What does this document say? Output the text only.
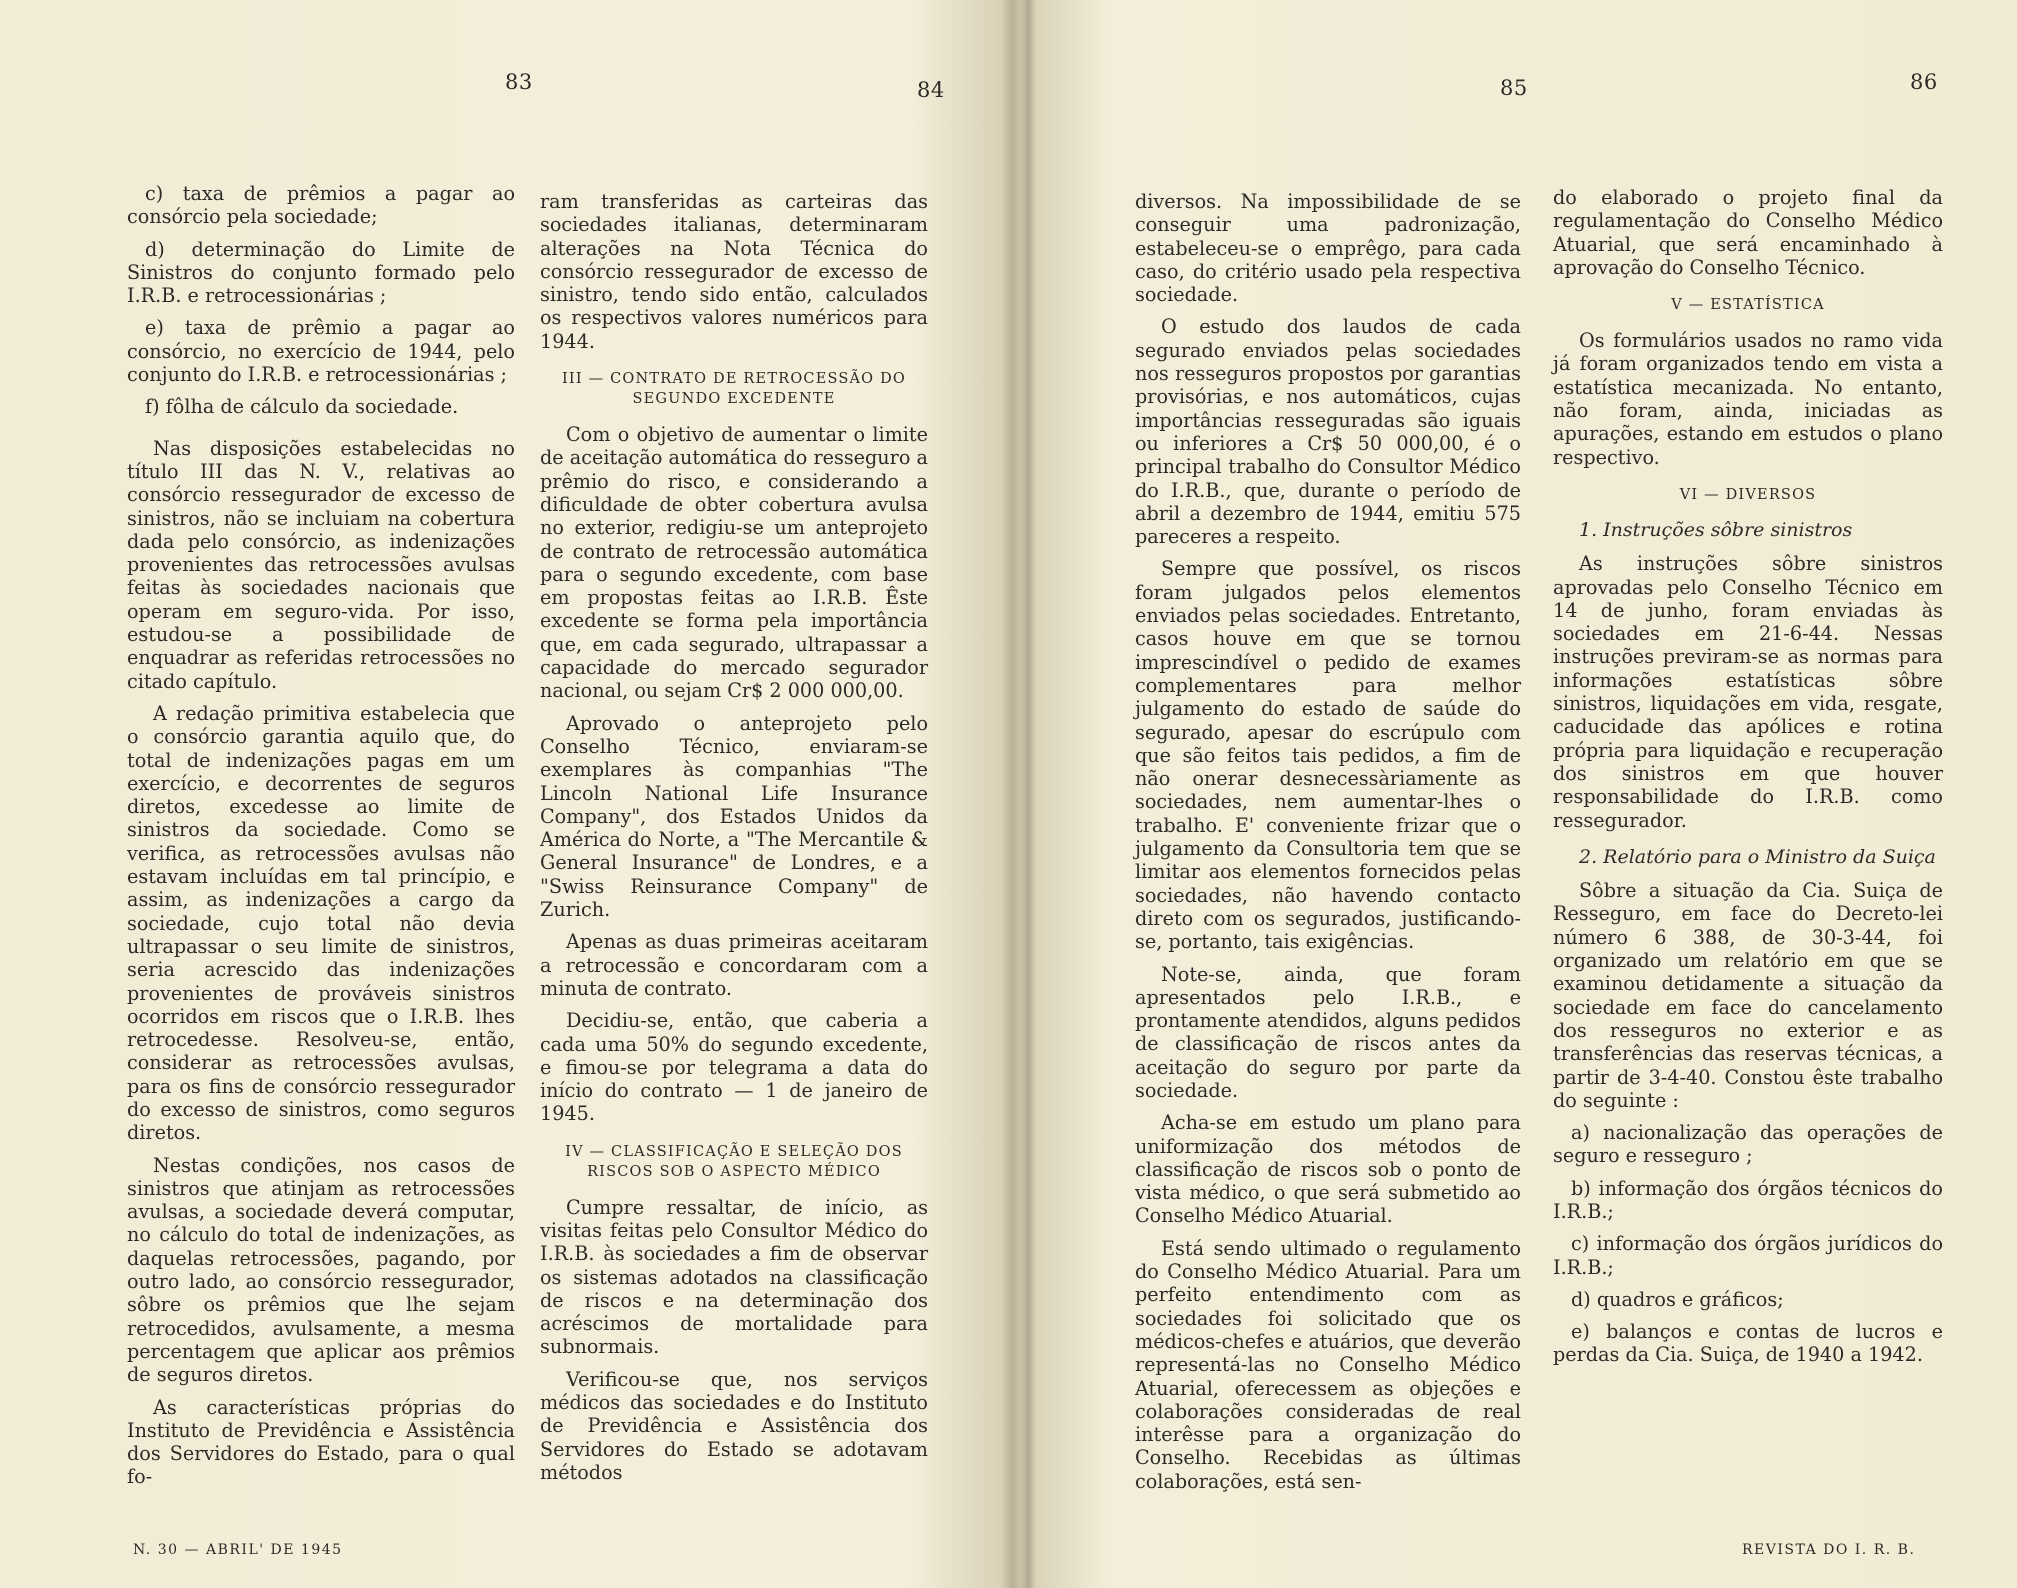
83	84	85	86

c) taxa de prêmios a pagar ao consórcio pela sociedade;

d) determinação do Limite de Sinistros do conjunto formado pelo I.R.B. e retrocessionárias ;

e) taxa de prêmio a pagar ao consórcio, no exercício de 1944, pelo conjunto do I.R.B. e retrocessionárias ;

f) fôlha de cálculo da sociedade.

Nas disposições estabelecidas no título III das N. V., relativas ao consórcio ressegurador de excesso de sinistros, não se incluiam na cobertura dada pelo consórcio, as indenizações provenientes das retrocessões avulsas feitas às sociedades nacionais que operam em seguro-vida. Por isso, estudou-se a possibilidade de enquadrar as referidas retrocessões no citado capítulo.

A redação primitiva estabelecia que o consórcio garantia aquilo que, do total de indenizações pagas em um exercício, e decorrentes de seguros diretos, excedesse ao limite de sinistros da sociedade. Como se verifica, as retrocessões avulsas não estavam incluídas em tal princípio, e assim, as indenizações a cargo da sociedade, cujo total não devia ultrapassar o seu limite de sinistros, seria acrescido das indenizações provenientes de prováveis sinistros ocorridos em riscos que o I.R.B. lhes retrocedesse. Resolveu-se, então, considerar as retrocessões avulsas, para os fins de consórcio ressegurador do excesso de sinistros, como seguros diretos.

Nestas condições, nos casos de sinistros que atinjam as retrocessões avulsas, a sociedade deverá computar, no cálculo do total de indenizações, as daquelas retrocessões, pagando, por outro lado, ao consórcio ressegurador, sôbre os prêmios que lhe sejam retrocedidos, avulsamente, a mesma percentagem que aplicar aos prêmios de seguros diretos.

As características próprias do Instituto de Previdência e Assistência dos Servidores do Estado, para o qual fo-

ram transferidas as carteiras das sociedades italianas, determinaram alterações na Nota Técnica do consórcio ressegurador de excesso de sinistro, tendo sido então, calculados os respectivos valores numéricos para 1944.

III — CONTRATO DE RETROCESSÃO DO SEGUNDO EXCEDENTE

Com o objetivo de aumentar o limite de aceitação automática do resseguro a prêmio do risco, e considerando a dificuldade de obter cobertura avulsa no exterior, redigiu-se um anteprojeto de contrato de retrocessão automática para o segundo excedente, com base em propostas feitas ao I.R.B. Êste excedente se forma pela importância que, em cada segurado, ultrapassar a capacidade do mercado segurador nacional, ou sejam Cr$ 2 000 000,00.

Aprovado o anteprojeto pelo Conselho Técnico, enviaram-se exemplares às companhias "The Lincoln National Life Insurance Company", dos Estados Unidos da América do Norte, a "The Mercantile & General Insurance" de Londres, e a "Swiss Reinsurance Company" de Zurich.

Apenas as duas primeiras aceitaram a retrocessão e concordaram com a minuta de contrato.

Decidiu-se, então, que caberia a cada uma 50% do segundo excedente, e fimou-se por telegrama a data do início do contrato — 1 de janeiro de 1945.

IV — CLASSIFICAÇÃO E SELEÇÃO DOS RISCOS SOB O ASPECTO MÉDICO

Cumpre ressaltar, de início, as visitas feitas pelo Consultor Médico do I.R.B. às sociedades a fim de observar os sistemas adotados na classificação de riscos e na determinação dos acréscimos de mortalidade para subnormais.

Verificou-se que, nos serviços médicos das sociedades e do Instituto de Previdência e Assistência dos Servidores do Estado se adotavam métodos

diversos. Na impossibilidade de se conseguir uma padronização, estabeleceu-se o emprêgo, para cada caso, do critério usado pela respectiva sociedade.

O estudo dos laudos de cada segurado enviados pelas sociedades nos resseguros propostos por garantias provisórias, e nos automáticos, cujas importâncias resseguradas são iguais ou inferiores a Cr$ 50 000,00, é o principal trabalho do Consultor Médico do I.R.B., que, durante o período de abril a dezembro de 1944, emitiu 575 pareceres a respeito.

Sempre que possível, os riscos foram julgados pelos elementos enviados pelas sociedades. Entretanto, casos houve em que se tornou imprescindível o pedido de exames complementares para melhor julgamento do estado de saúde do segurado, apesar do escrúpulo com que são feitos tais pedidos, a fim de não onerar desnecessàriamente as sociedades, nem aumentar-lhes o trabalho. E' conveniente frizar que o julgamento da Consultoria tem que se limitar aos elementos fornecidos pelas sociedades, não havendo contacto direto com os segurados, justificando-se, portanto, tais exigências.

Note-se, ainda, que foram apresentados pelo I.R.B., e prontamente atendidos, alguns pedidos de classificação de riscos antes da aceitação do seguro por parte da sociedade.

Acha-se em estudo um plano para uniformização dos métodos de classificação de riscos sob o ponto de vista médico, o que será submetido ao Conselho Médico Atuarial.

Está sendo ultimado o regulamento do Conselho Médico Atuarial. Para um perfeito entendimento com as sociedades foi solicitado que os médicos-chefes e atuários, que deverão representá-las no Conselho Médico Atuarial, oferecessem as objeções e colaborações consideradas de real interêsse para a organização do Conselho. Recebidas as últimas colaborações, está sen-

do elaborado o projeto final da regulamentação do Conselho Médico Atuarial, que será encaminhado à aprovação do Conselho Técnico.

V — ESTATÍSTICA

Os formulários usados no ramo vida já foram organizados tendo em vista a estatística mecanizada. No entanto, não foram, ainda, iniciadas as apurações, estando em estudos o plano respectivo.

VI — DIVERSOS
1. Instruções sôbre sinistros

As instruções sôbre sinistros aprovadas pelo Conselho Técnico em 14 de junho, foram enviadas às sociedades em 21-6-44. Nessas instruções previram-se as normas para informações estatísticas sôbre sinistros, liquidações em vida, resgate, caducidade das apólices e rotina própria para liquidação e recuperação dos sinistros em que houver responsabilidade do I.R.B. como ressegurador.

2. Relatório para o Ministro da Suiça

Sôbre a situação da Cia. Suiça de Resseguro, em face do Decreto-lei número 6 388, de 30-3-44, foi organizado um relatório em que se examinou detidamente a situação da sociedade em face do cancelamento dos resseguros no exterior e as transferências das reservas técnicas, a partir de 3-4-40. Constou êste trabalho do seguinte :

a) nacionalização das operações de seguro e resseguro ;

b) informação dos órgãos técnicos do I.R.B.;

c) informação dos órgãos jurídicos do I.R.B.;

d) quadros e gráficos;

e) balanços e contas de lucros e perdas da Cia. Suiça, de 1940 a 1942.

N. 30 — ABRIL' DE 1945	REVISTA DO I. R. B.
